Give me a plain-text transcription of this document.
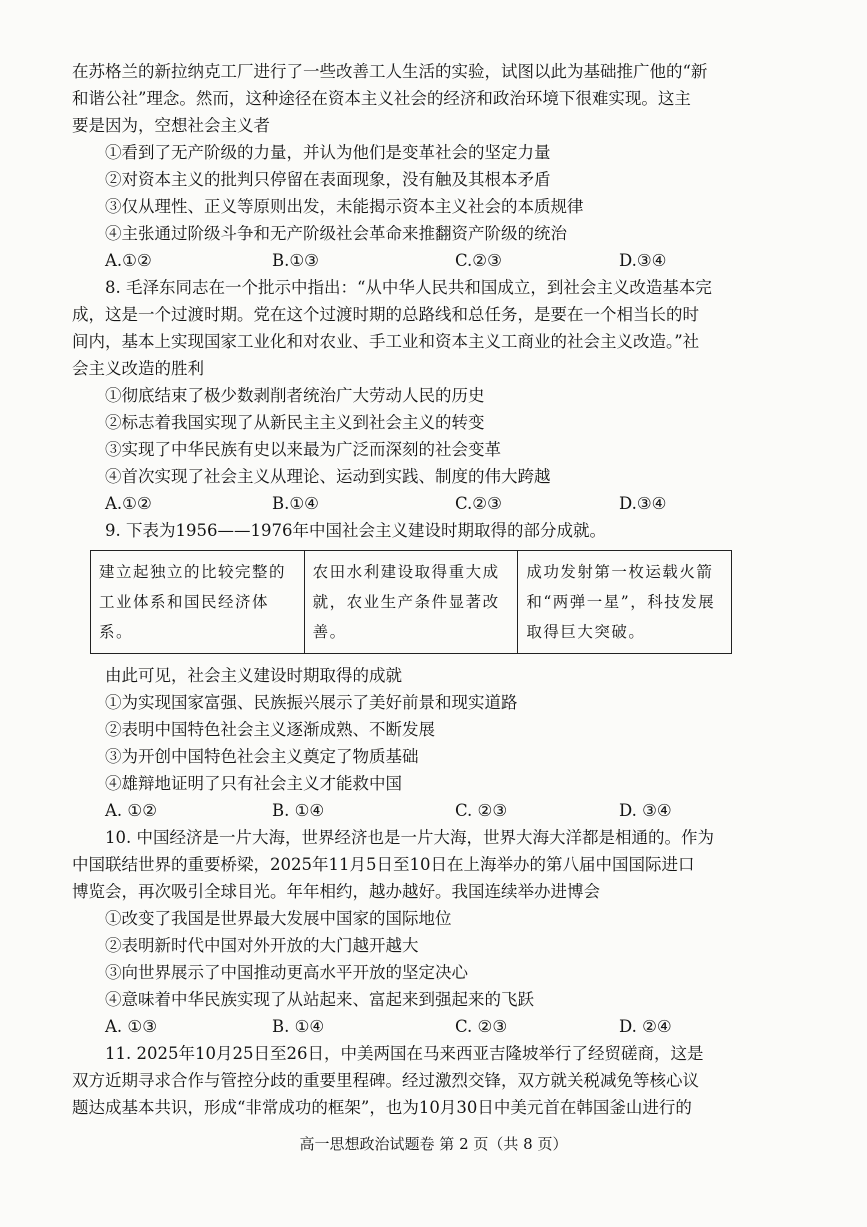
在苏格兰的新拉纳克工厂进行了一些改善工人生活的实验，试图以此为基础推广他的“新

和谐公社”理念。然而，这种途径在资本主义社会的经济和政治环境下很难实现。这主

要是因为，空想社会主义者

①看到了无产阶级的力量，并认为他们是变革社会的坚定力量

②对资本主义的批判只停留在表面现象，没有触及其根本矛盾

③仅从理性、正义等原则出发，未能揭示资本主义社会的本质规律

④主张通过阶级斗争和无产阶级社会革命来推翻资产阶级的统治

A.①②	B.①③	C.②③	D.③④

8. 毛泽东同志在一个批示中指出：“从中华人民共和国成立，到社会主义改造基本完

成，这是一个过渡时期。党在这个过渡时期的总路线和总任务，是要在一个相当长的时

间内，基本上实现国家工业化和对农业、手工业和资本主义工商业的社会主义改造。”社

会主义改造的胜利

①彻底结束了极少数剥削者统治广大劳动人民的历史

②标志着我国实现了从新民主主义到社会主义的转变

③实现了中华民族有史以来最为广泛而深刻的社会变革

④首次实现了社会主义从理论、运动到实践、制度的伟大跨越

A.①②	B.①④	C.②③	D.③④

9. 下表为1956——1976年中国社会主义建设时期取得的部分成就。

建立起独立的比较完整的工业体系和国民经济体系。
农田水利建设取得重大成就，农业生产条件显著改善。
成功发射第一枚运载火箭和“两弹一星”，科技发展取得巨大突破。

由此可见，社会主义建设时期取得的成就

①为实现国家富强、民族振兴展示了美好前景和现实道路

②表明中国特色社会主义逐渐成熟、不断发展

③为开创中国特色社会主义奠定了物质基础

④雄辩地证明了只有社会主义才能救中国

A. ①②	B. ①④	C. ②③	D. ③④

10. 中国经济是一片大海，世界经济也是一片大海，世界大海大洋都是相通的。作为

中国联结世界的重要桥梁，2025年11月5日至10日在上海举办的第八届中国国际进口

博览会，再次吸引全球目光。年年相约，越办越好。我国连续举办进博会

①改变了我国是世界最大发展中国家的国际地位

②表明新时代中国对外开放的大门越开越大

③向世界展示了中国推动更高水平开放的坚定决心

④意味着中华民族实现了从站起来、富起来到强起来的飞跃

A. ①③	B. ①④	C. ②③	D. ②④

11. 2025年10月25日至26日，中美两国在马来西亚吉隆坡举行了经贸磋商，这是

双方近期寻求合作与管控分歧的重要里程碑。经过激烈交锋，双方就关税减免等核心议

题达成基本共识，形成“非常成功的框架”，也为10月30日中美元首在韩国釜山进行的

高一思想政治试题卷 第 2 页（共 8 页）
